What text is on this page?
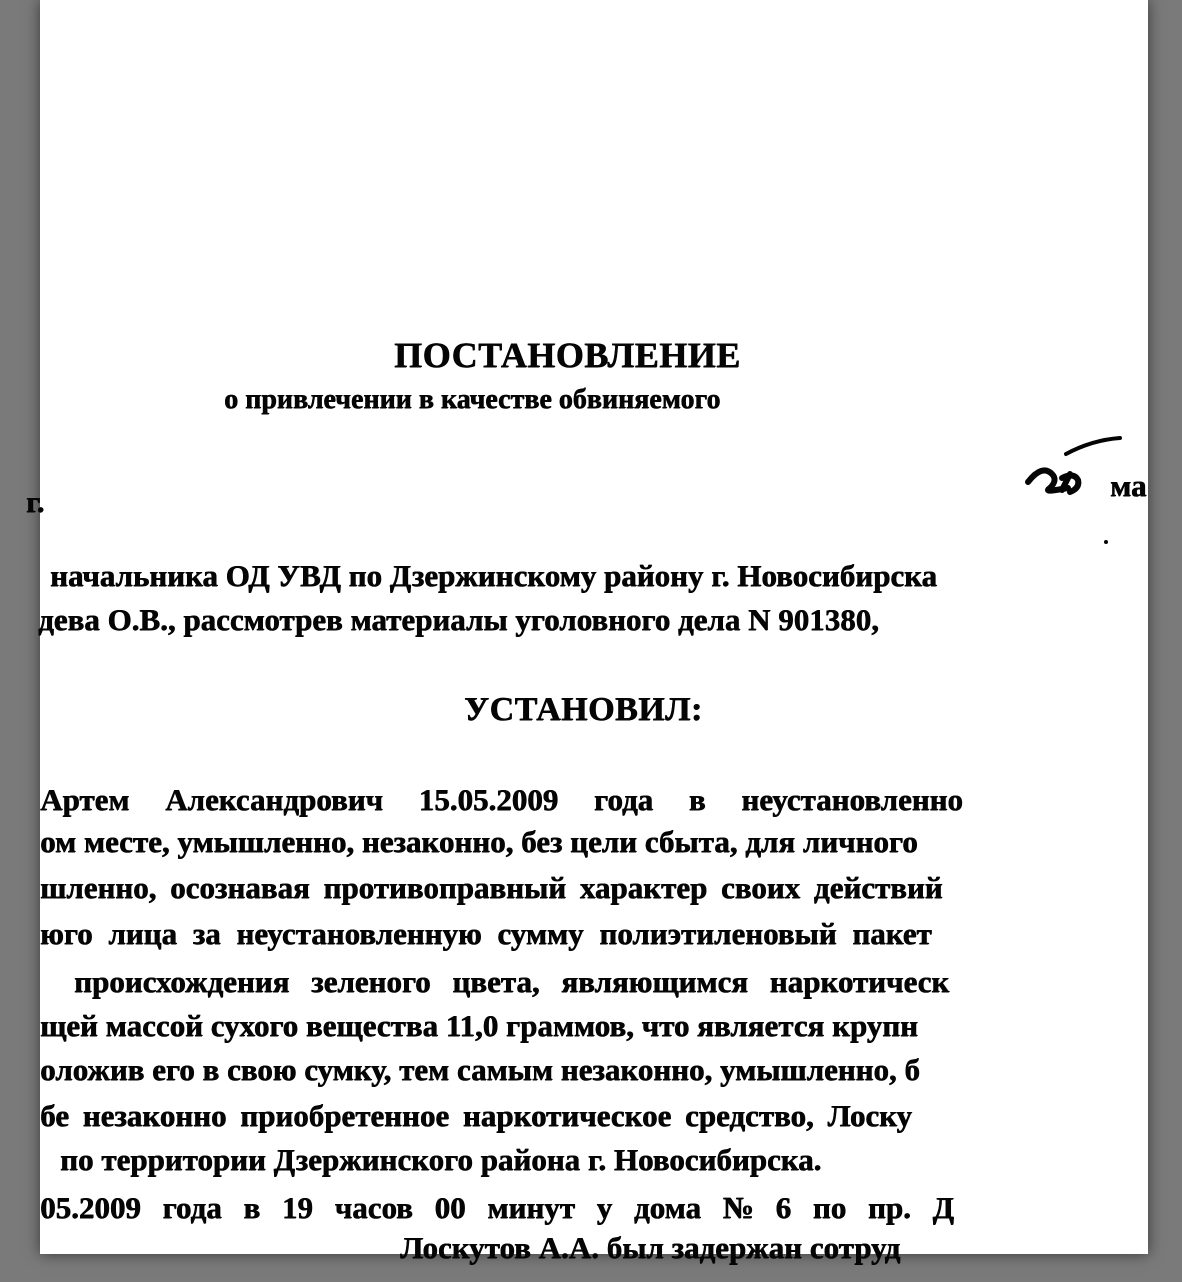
ПОСТАНОВЛЕНИЕ
о привлечении в качестве обвиняемого
г.	ма
начальника ОД УВД по Дзержинскому району г. Новосибирска
дева О.В., рассмотрев материалы уголовного дела N 901380,
УСТАНОВИЛ:
Артем Александрович 15.05.2009 года в неустановленно
ом месте, умышленно, незаконно, без цели сбыта, для личного
шленно, осознавая противоправный характер своих действий
юго лица за неустановленную сумму полиэтиленовый пакет
происхождения зеленого цвета, являющимся наркотическ
щей массой сухого вещества 11,0 граммов, что является крупн
оложив его в свою сумку, тем самым незаконно, умышленно, б
бе незаконно приобретенное наркотическое средство, Лоску
по территории Дзержинского района г. Новосибирска.
05.2009 года в 19 часов 00 минут у дома № 6 по пр. Д
Лоскутов А.А. был задержан сотруд
